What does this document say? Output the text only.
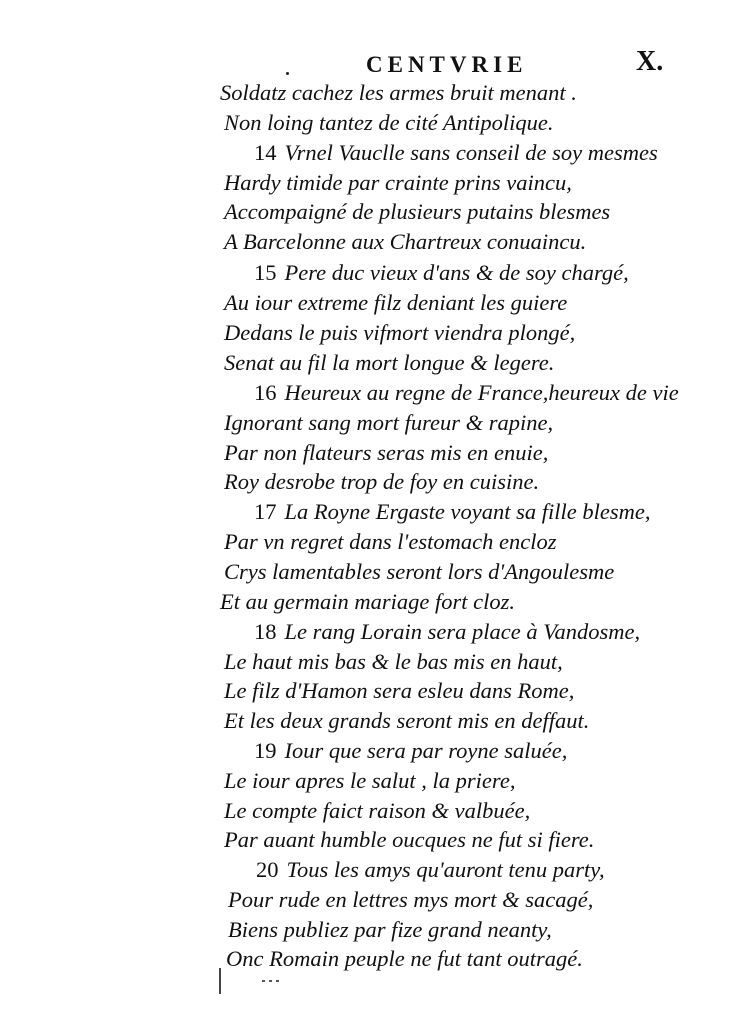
CENTVRIE	X.
Soldatz cachez les armes bruit menant .
Non loing tantez de cité Antipolique.
14 Vrnel Vauclle sans conseil de soy mesmes
Hardy timide par crainte prins vaincu,
Accompaigné de plusieurs putains blesmes
A Barcelonne aux Chartreux conuaincu.
15 Pere duc vieux d'ans & de soy chargé,
Au iour extreme filz deniant les guiere
Dedans le puis vifmort viendra plongé,
Senat au fil la mort longue & legere.
16 Heureux au regne de France,heureux de vie
Ignorant sang mort fureur & rapine,
Par non flateurs seras mis en enuie,
Roy desrobe trop de foy en cuisine.
17 La Royne Ergaste voyant sa fille blesme,
Par vn regret dans l'estomach encloz
Crys lamentables seront lors d'Angoulesme
Et au germain mariage fort cloz.
18 Le rang Lorain sera place à Vandosme,
Le haut mis bas & le bas mis en haut,
Le filz d'Hamon sera esleu dans Rome,
Et les deux grands seront mis en deffaut.
19 Iour que sera par royne saluée,
Le iour apres le salut , la priere,
Le compte faict raison & valbuée,
Par auant humble oucques ne fut si fiere.
20 Tous les amys qu'auront tenu party,
Pour rude en lettres mys mort & sacagé,
Biens publiez par fize grand neanty,
Onc Romain peuple ne fut tant outragé.
